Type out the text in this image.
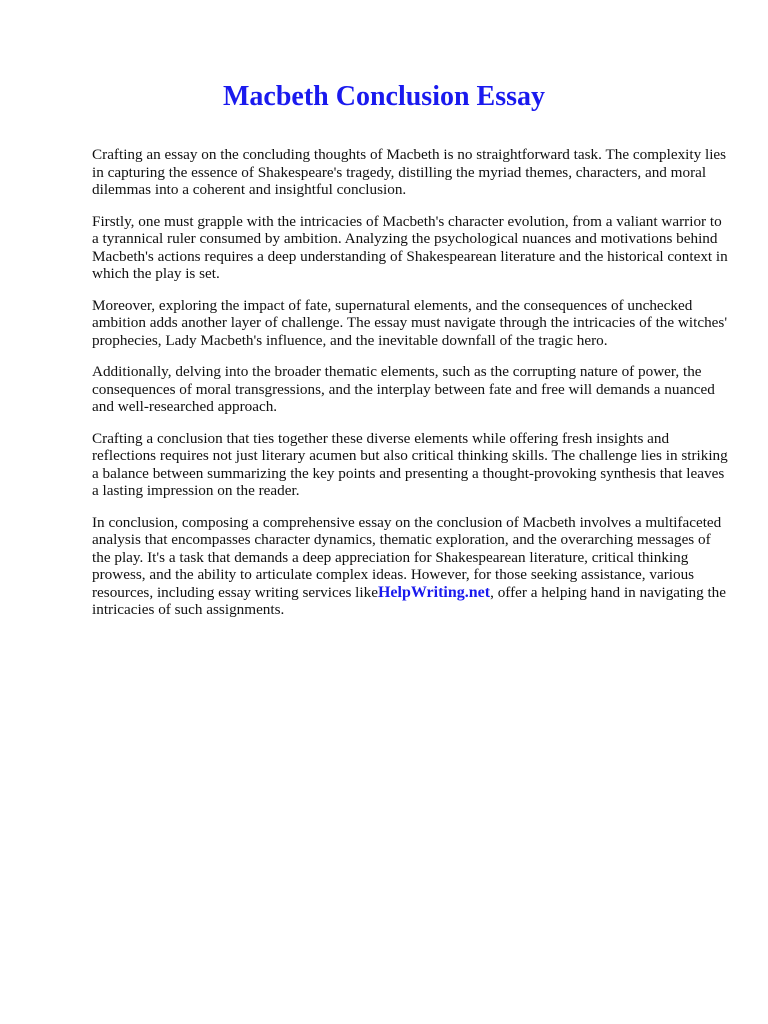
Macbeth Conclusion Essay

Crafting an essay on the concluding thoughts of Macbeth is no straightforward task. The complexity lies in capturing the essence of Shakespeare's tragedy, distilling the myriad themes, characters, and moral dilemmas into a coherent and insightful conclusion.

Firstly, one must grapple with the intricacies of Macbeth's character evolution, from a valiant warrior to a tyrannical ruler consumed by ambition. Analyzing the psychological nuances and motivations behind Macbeth's actions requires a deep understanding of Shakespearean literature and the historical context in which the play is set.

Moreover, exploring the impact of fate, supernatural elements, and the consequences of unchecked ambition adds another layer of challenge. The essay must navigate through the intricacies of the witches' prophecies, Lady Macbeth's influence, and the inevitable downfall of the tragic hero.

Additionally, delving into the broader thematic elements, such as the corrupting nature of power, the consequences of moral transgressions, and the interplay between fate and free will demands a nuanced and well-researched approach.

Crafting a conclusion that ties together these diverse elements while offering fresh insights and reflections requires not just literary acumen but also critical thinking skills. The challenge lies in striking a balance between summarizing the key points and presenting a thought-provoking synthesis that leaves a lasting impression on the reader.

In conclusion, composing a comprehensive essay on the conclusion of Macbeth involves a multifaceted analysis that encompasses character dynamics, thematic exploration, and the overarching messages of the play. It's a task that demands a deep appreciation for Shakespearean literature, critical thinking prowess, and the ability to articulate complex ideas. However, for those seeking assistance, various resources, including essay writing services likeHelpWriting.net, offer a helping hand in navigating the intricacies of such assignments.
